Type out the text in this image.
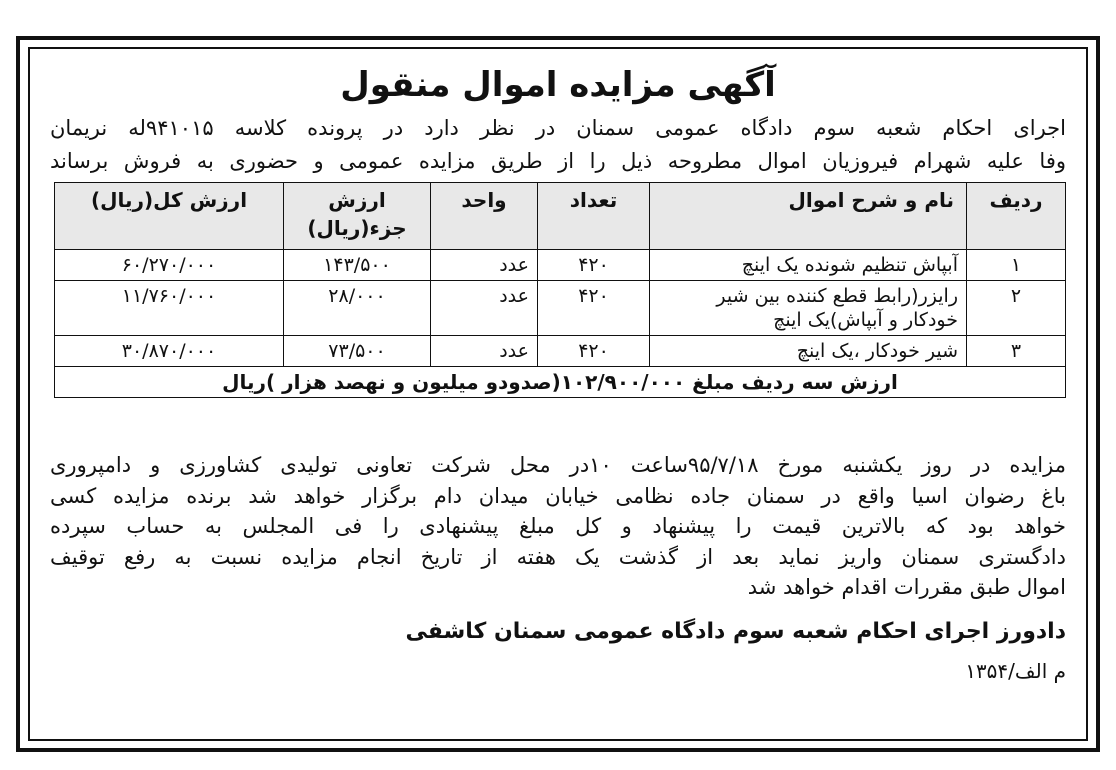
آگهی مزایده اموال منقول
اجرای احکام شعبه سوم دادگاه عمومی سمنان در نظر دارد در پرونده کلاسه ۹۴۱۰۱۵له نریمان
وفا علیه شهرام فیروزیان اموال مطروحه ذیل را از طریق مزایده عمومی و حضوری به فروش برساند
ردیف	نام و شرح اموال	تعداد	واحد	ارزش جزء(ریال)	ارزش کل(ریال)
۱	آبپاش تنظیم شونده یک اینچ	۴۲۰	عدد	۱۴۳/۵۰۰	۶۰/۲۷۰/۰۰۰
۲	رایزر(رابط قطع کننده بین شیر خودکار و آبپاش)یک اینچ	۴۲۰	عدد	۲۸/۰۰۰	۱۱/۷۶۰/۰۰۰
۳	شیر خودکار ،یک اینچ	۴۲۰	عدد	۷۳/۵۰۰	۳۰/۸۷۰/۰۰۰
ارزش سه ردیف مبلغ ۱۰۲/۹۰۰/۰۰۰(صدودو میلیون و نهصد هزار )ریال					
مزایده در روز یکشنبه مورخ ۹۵/۷/۱۸ساعت ۱۰در محل شرکت تعاونی تولیدی کشاورزی و دامپروری
باغ رضوان اسیا واقع در سمنان جاده نظامی خیابان میدان دام برگزار خواهد شد برنده مزایده کسی
خواهد بود که بالاترین قیمت را پیشنهاد و کل مبلغ پیشنهادی را فی المجلس به حساب سپرده
دادگستری سمنان واریز نماید بعد از گذشت یک هفته از تاریخ انجام مزایده نسبت به رفع توقیف
اموال طبق مقررات اقدام خواهد شد
دادورز اجرای احکام شعبه سوم دادگاه عمومی سمنان کاشفی
م الف/۱۳۵۴
